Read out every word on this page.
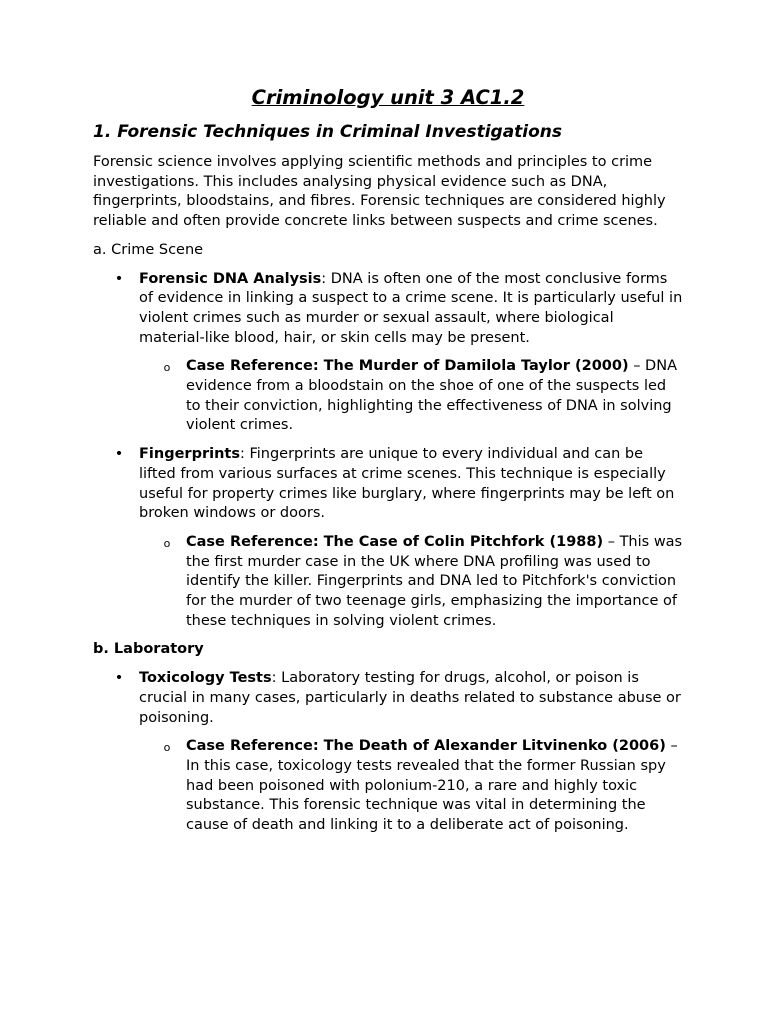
Criminology unit 3 AC1.2
1. Forensic Techniques in Criminal Investigations

Forensic science involves applying scientific methods and principles to crime investigations. This includes analysing physical evidence such as DNA, fingerprints, bloodstains, and fibres. Forensic techniques are considered highly reliable and often provide concrete links between suspects and crime scenes.

a. Crime Scene
• Forensic DNA Analysis: DNA is often one of the most conclusive forms of evidence in linking a suspect to a crime scene. It is particularly useful in violent crimes such as murder or sexual assault, where biological material-like blood, hair, or skin cells may be present.
o Case Reference: The Murder of Damilola Taylor (2000) – DNA evidence from a bloodstain on the shoe of one of the suspects led to their conviction, highlighting the effectiveness of DNA in solving violent crimes.
• Fingerprints: Fingerprints are unique to every individual and can be lifted from various surfaces at crime scenes. This technique is especially useful for property crimes like burglary, where fingerprints may be left on broken windows or doors.
o Case Reference: The Case of Colin Pitchfork (1988) – This was the first murder case in the UK where DNA profiling was used to identify the killer. Fingerprints and DNA led to Pitchfork's conviction for the murder of two teenage girls, emphasizing the importance of these techniques in solving violent crimes.
b. Laboratory
• Toxicology Tests: Laboratory testing for drugs, alcohol, or poison is crucial in many cases, particularly in deaths related to substance abuse or poisoning.
o Case Reference: The Death of Alexander Litvinenko (2006) – In this case, toxicology tests revealed that the former Russian spy had been poisoned with polonium-210, a rare and highly toxic substance. This forensic technique was vital in determining the cause of death and linking it to a deliberate act of poisoning.
